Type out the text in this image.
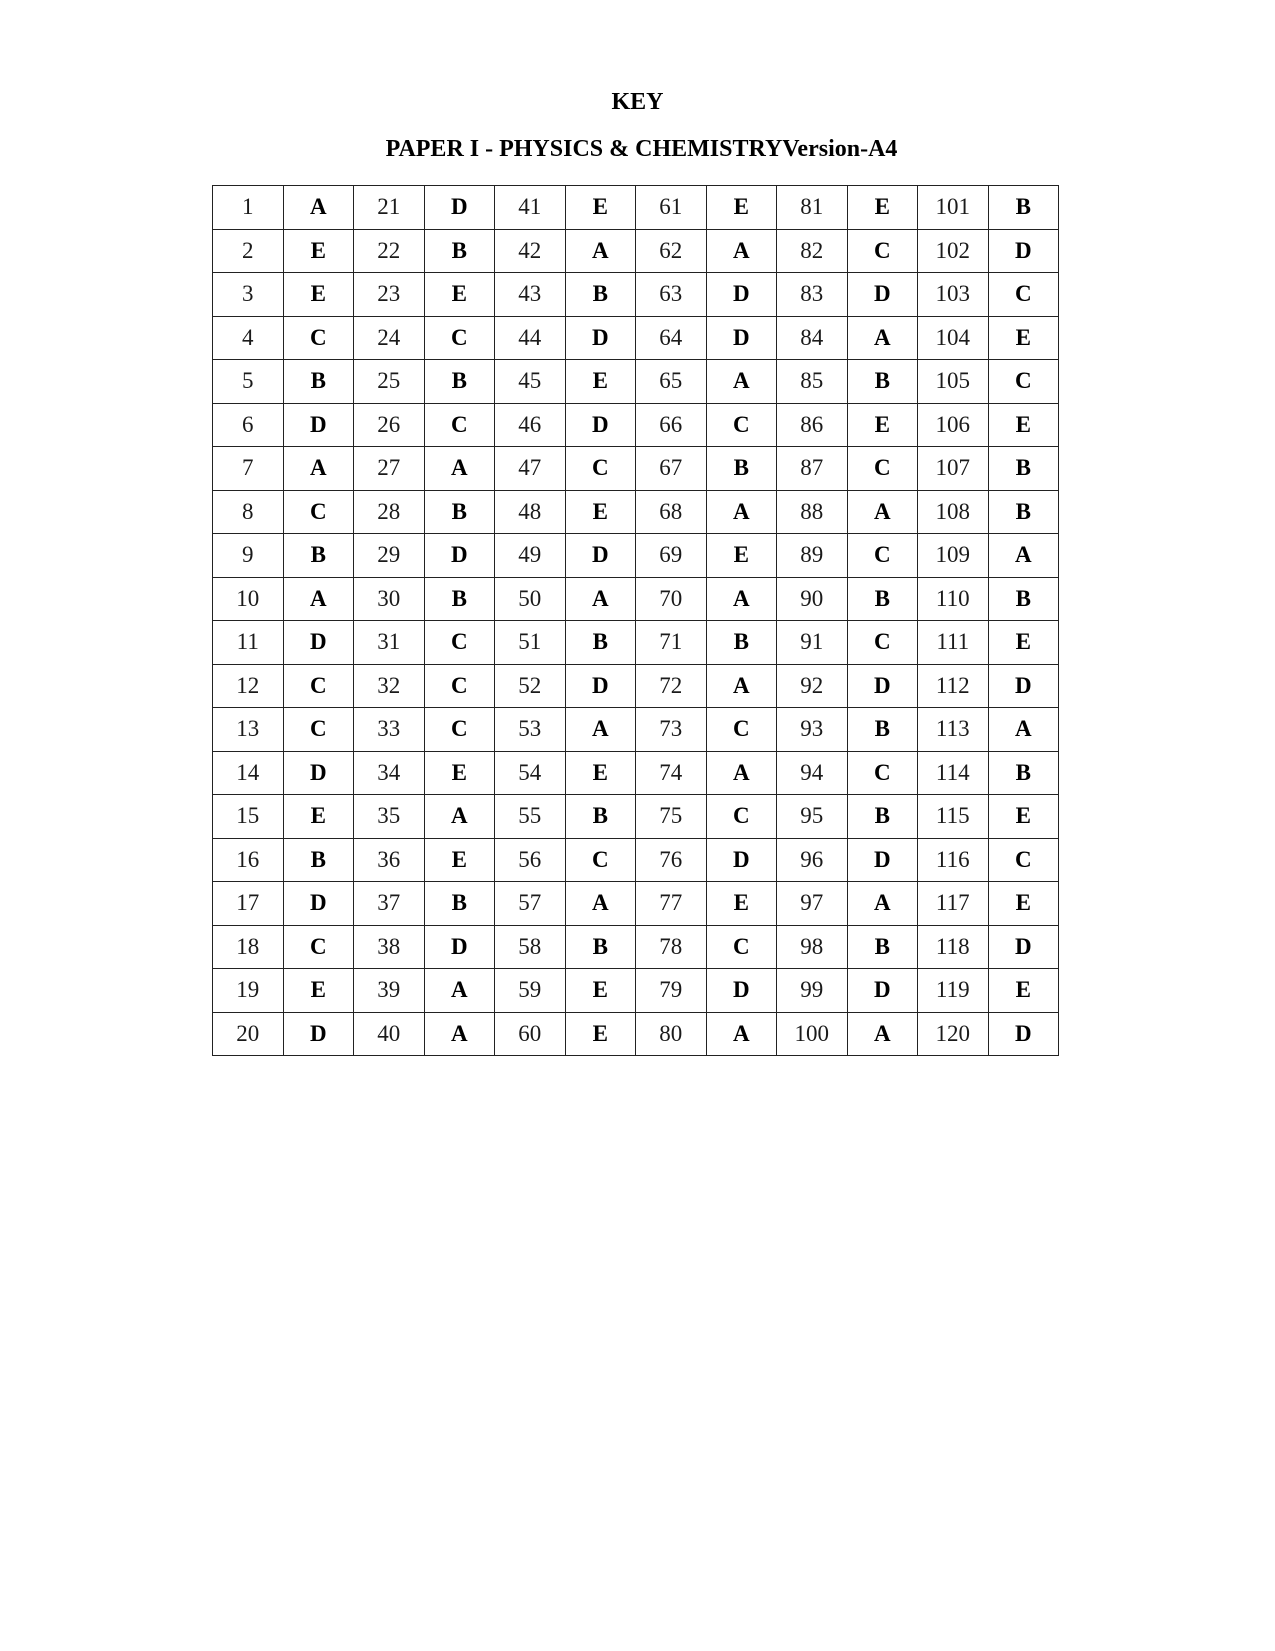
KEY
PAPER I - PHYSICS & CHEMISTRYVersion-A4
1	A	21	D	41	E	61	E	81	E	101	B
2	E	22	B	42	A	62	A	82	C	102	D
3	E	23	E	43	B	63	D	83	D	103	C
4	C	24	C	44	D	64	D	84	A	104	E
5	B	25	B	45	E	65	A	85	B	105	C
6	D	26	C	46	D	66	C	86	E	106	E
7	A	27	A	47	C	67	B	87	C	107	B
8	C	28	B	48	E	68	A	88	A	108	B
9	B	29	D	49	D	69	E	89	C	109	A
10	A	30	B	50	A	70	A	90	B	110	B
11	D	31	C	51	B	71	B	91	C	111	E
12	C	32	C	52	D	72	A	92	D	112	D
13	C	33	C	53	A	73	C	93	B	113	A
14	D	34	E	54	E	74	A	94	C	114	B
15	E	35	A	55	B	75	C	95	B	115	E
16	B	36	E	56	C	76	D	96	D	116	C
17	D	37	B	57	A	77	E	97	A	117	E
18	C	38	D	58	B	78	C	98	B	118	D
19	E	39	A	59	E	79	D	99	D	119	E
20	D	40	A	60	E	80	A	100	A	120	D
